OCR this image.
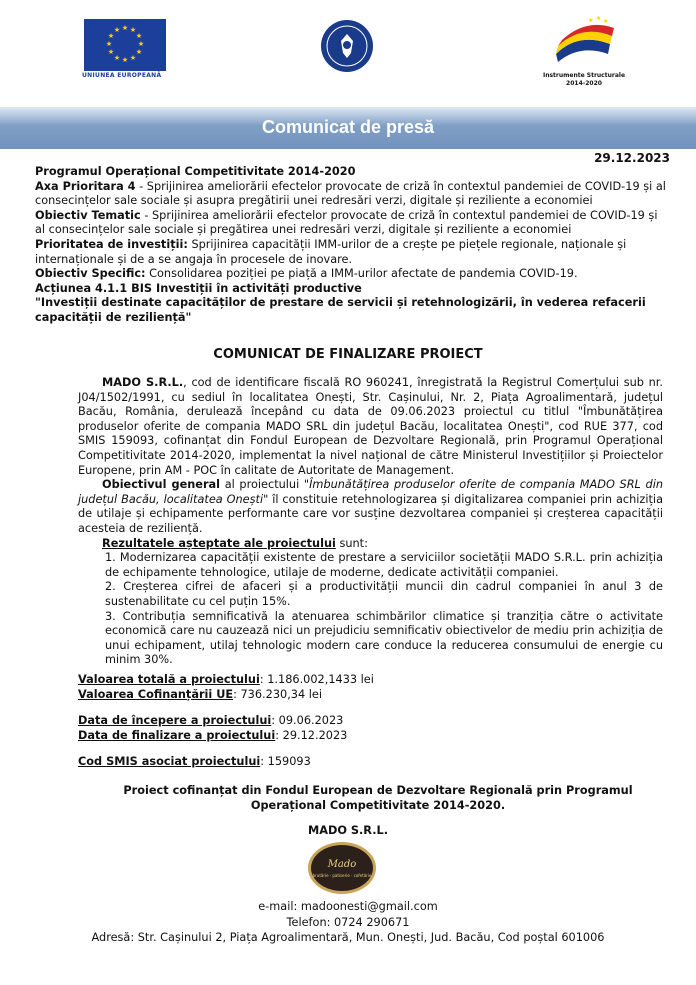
★ ★
★
★
★
★
★
★
★
★
★
★
UNIUNEA EUROPEANĂ
★ ★ ★
Instrumente Structurale
2014-2020
Comunicat de presă
29.12.2023

Programul Operațional Competitivitate 2014-2020

Axa Prioritara 4 - Sprijinirea ameliorării efectelor provocate de criză în contextul pandemiei de COVID-19 și al consecințelor sale sociale și asupra pregătirii unei redresări verzi, digitale și reziliente a economiei

Obiectiv Tematic - Sprijinirea ameliorării efectelor provocate de criză în contextul pandemiei de COVID-19 și al consecințelor sale sociale și pregătirea unei redresări verzi, digitale și reziliente a economiei

Prioritatea de investiții: Sprijinirea capacității IMM-urilor de a crește pe piețele regionale, naționale și internaționale și de a se angaja în procesele de inovare.

Obiectiv Specific: Consolidarea poziției pe piață a IMM-urilor afectate de pandemia COVID-19.

Acțiunea 4.1.1 BIS Investiții în activități productive

"Investiții destinate capacităților de prestare de servicii și retehnologizării, în vederea refacerii capacității de reziliență"

COMUNICAT DE FINALIZARE PROIECT

MADO S.R.L., cod de identificare fiscală RO 960241, înregistrată la Registrul Comerțului sub nr. J04/1502/1991, cu sediul în localitatea Onești, Str. Cașinului, Nr. 2, Piața Agroalimentară, județul Bacău, România, derulează începând cu data de 09.06.2023 proiectul cu titlul "Îmbunătățirea produselor oferite de compania MADO SRL din județul Bacău, localitatea Onești", cod RUE 377, cod SMIS 159093, cofinanțat din Fondul European de Dezvoltare Regională, prin Programul Operațional Competitivitate 2014-2020, implementat la nivel național de către Ministerul Investițiilor și Proiectelor Europene, prin AM - POC în calitate de Autoritate de Management.

Obiectivul general al proiectului "Îmbunătățirea produselor oferite de compania MADO SRL din județul Bacău, localitatea Onești" îl constituie retehnologizarea și digitalizarea companiei prin achiziția de utilaje și echipamente performante care vor susține dezvoltarea companiei și creșterea capacității acesteia de reziliență.

Rezultatele așteptate ale proiectului sunt:

1. Modernizarea capacității existente de prestare a serviciilor societății MADO S.R.L. prin achiziția de echipamente tehnologice, utilaje de moderne, dedicate activității companiei.

2. Creșterea cifrei de afaceri și a productivității muncii din cadrul companiei în anul 3 de sustenabilitate cu cel puțin 15%.

3. Contribuția semnificativă la atenuarea schimbărilor climatice și tranziția către o activitate economică care nu cauzează nici un prejudiciu semnificativ obiectivelor de mediu prin achiziția de unui echipament, utilaj tehnologic modern care conduce la reducerea consumului de energie cu minim 30%.

Valoarea totală a proiectului: 1.186.002,1433 lei

Valoarea Cofinanțării UE: 736.230,34 lei

Data de începere a proiectului: 09.06.2023

Data de finalizare a proiectului: 29.12.2023

Cod SMIS asociat proiectului: 159093

Proiect cofinanțat din Fondul European de Dezvoltare Regională prin Programul Operațional Competitivitate 2014-2020.
MADO S.R.L.
Mado
brutărie · patiserie · cofetărie

e-mail: madoonesti@gmail.com

Telefon: 0724 290671

Adresă: Str. Cașinului 2, Piața Agroalimentară, Mun. Onești, Jud. Bacău, Cod poștal 601006
